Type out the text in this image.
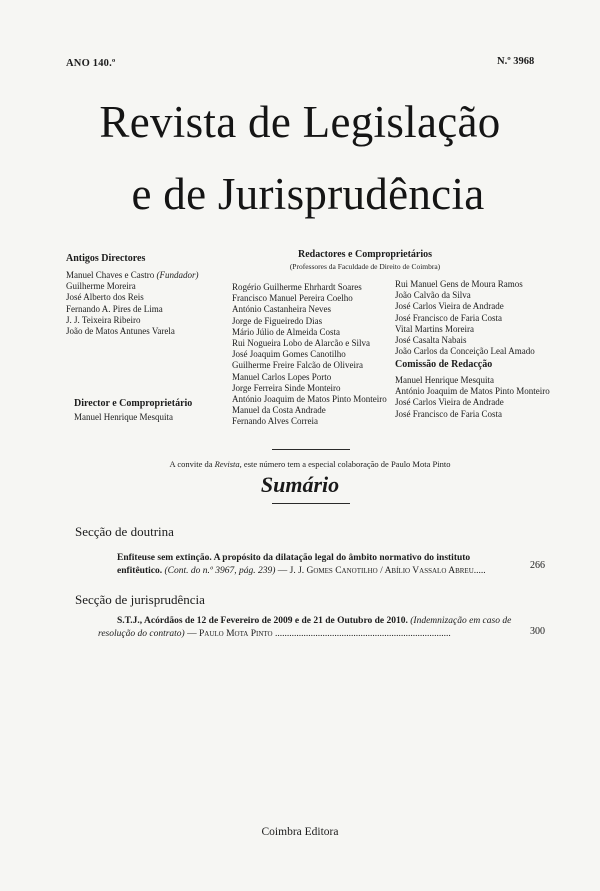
ANO 140.º	N.º 3968
Revista de Legislação
e de Jurisprudência
Antigos Directores
Manuel Chaves e Castro (Fundador)
Guilherme Moreira
José Alberto dos Reis
Fernando A. Pires de Lima
J. J. Teixeira Ribeiro
João de Matos Antunes Varela
Director e Comproprietário
Manuel Henrique Mesquita
Redactores e Comproprietários
(Professores da Faculdade de Direito de Coimbra)
Rogério Guilherme Ehrhardt Soares
Francisco Manuel Pereira Coelho
António Castanheira Neves
Jorge de Figueiredo Dias
Mário Júlio de Almeida Costa
Rui Nogueira Lobo de Alarcão e Silva
José Joaquim Gomes Canotilho
Guilherme Freire Falcão de Oliveira
Manuel Carlos Lopes Porto
Jorge Ferreira Sinde Monteiro
António Joaquim de Matos Pinto Monteiro
Manuel da Costa Andrade
Fernando Alves Correia
Rui Manuel Gens de Moura Ramos
João Calvão da Silva
José Carlos Vieira de Andrade
José Francisco de Faria Costa
Vital Martins Moreira
José Casalta Nabais
João Carlos da Conceição Leal Amado
Comissão de Redacção
Manuel Henrique Mesquita
António Joaquim de Matos Pinto Monteiro
José Carlos Vieira de Andrade
José Francisco de Faria Costa
A convite da Revista, este número tem a especial colaboração de Paulo Mota Pinto
Sumário
Secção de doutrina
Enfiteuse sem extinção. A propósito da dilatação legal do âmbito normativo do instituto enfitêutico. (Cont. do n.º 3967, pág. 239) — J. J. Gomes Canotilho / Abílio Vassalo Abreu.....	266
Secção de jurisprudência
S.T.J., Acórdãos de 12 de Fevereiro de 2009 e de 21 de Outubro de 2010. (Indemnização em caso de resolução do contrato) — Paulo Mota Pinto ..........................................................................	300
Coimbra Editora
